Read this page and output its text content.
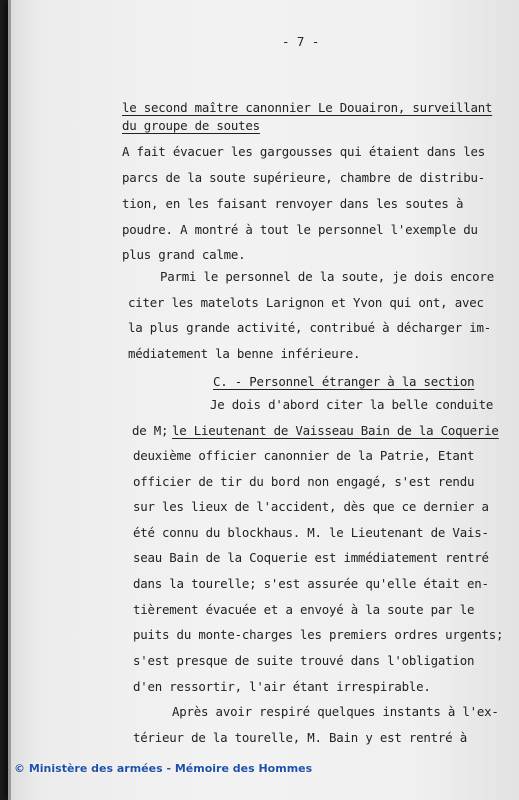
- 7 -
le second maître canonnier Le Douairon, surveillant
du groupe de soutes
A fait évacuer les gargousses qui étaient dans les
parcs de la soute supérieure, chambre de distribu-
tion, en les faisant renvoyer dans les soutes à
poudre. A montré à tout le personnel l'exemple du
plus grand calme.
Parmi le personnel de la soute, je dois encore
citer les matelots Larignon et Yvon qui ont, avec
la plus grande activité, contribué à décharger im-
médiatement la benne inférieure.
C. - Personnel étranger à la section
Je dois d'abord citer la belle conduite
de M;
le Lieutenant de Vaisseau Bain de la Coquerie
deuxième officier canonnier de la Patrie, Etant
officier de tir du bord non engagé, s'est rendu
sur les lieux de l'accident, dès que ce dernier a
été connu du blockhaus. M. le Lieutenant de Vais-
seau Bain de la Coquerie est immédiatement rentré
dans la tourelle; s'est assurée qu'elle était en-
tièrement évacuée et a envoyé à la soute par le
puits du monte-charges les premiers ordres urgents;
s'est presque de suite trouvé dans l'obligation
d'en ressortir, l'air étant irrespirable.
Après avoir respiré quelques instants à l'ex-
térieur de la tourelle, M. Bain y est rentré à
© Ministère des armées - Mémoire des Hommes
